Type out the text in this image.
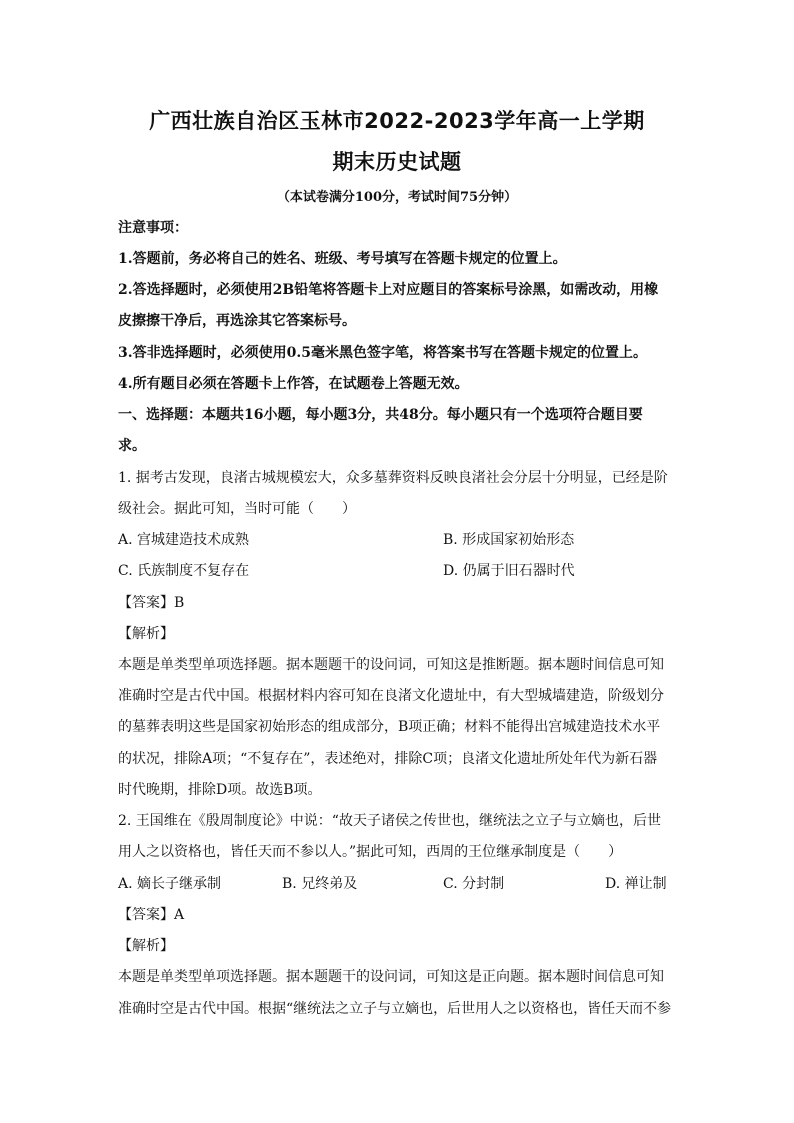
广西壮族自治区玉林市2022-2023学年高一上学期
期末历史试题
（本试卷满分100分，考试时间75分钟）
注意事项：
1.答题前，务必将自己的姓名、班级、考号填写在答题卡规定的位置上。
2.答选择题时，必须使用2B铅笔将答题卡上对应题目的答案标号涂黑，如需改动，用橡
皮擦擦干净后，再选涂其它答案标号。
3.答非选择题时，必须使用0.5毫米黑色签字笔，将答案书写在答题卡规定的位置上。
4.所有题目必须在答题卡上作答，在试题卷上答题无效。
一、选择题：本题共16小题，每小题3分，共48分。每小题只有一个选项符合题目要
求。
1. 据考古发现，良渚古城规模宏大，众多墓葬资料反映良渚社会分层十分明显，已经是阶
级社会。据此可知，当时可能（　　）
A. 宫城建造技术成熟	B. 形成国家初始形态
C. 氏族制度不复存在	D. 仍属于旧石器时代
【答案】B
【解析】
本题是单类型单项选择题。据本题题干的设问词，可知这是推断题。据本题时间信息可知
准确时空是古代中国。根据材料内容可知在良渚文化遗址中，有大型城墙建造，阶级划分
的墓葬表明这些是国家初始形态的组成部分，B项正确；材料不能得出宫城建造技术水平
的状况，排除A项；“不复存在”，表述绝对，排除C项；良渚文化遗址所处年代为新石器
时代晚期，排除D项。故选B项。
2. 王国维在《殷周制度论》中说：“故天子诸侯之传世也，继统法之立子与立嫡也，后世
用人之以资格也，皆任天而不参以人。”据此可知，西周的王位继承制度是（　　）
A. 嫡长子继承制	B. 兄终弟及	C. 分封制	D. 禅让制
【答案】A
【解析】
本题是单类型单项选择题。据本题题干的设问词，可知这是正向题。据本题时间信息可知
准确时空是古代中国。根据“继统法之立子与立嫡也，后世用人之以资格也，皆任天而不参
